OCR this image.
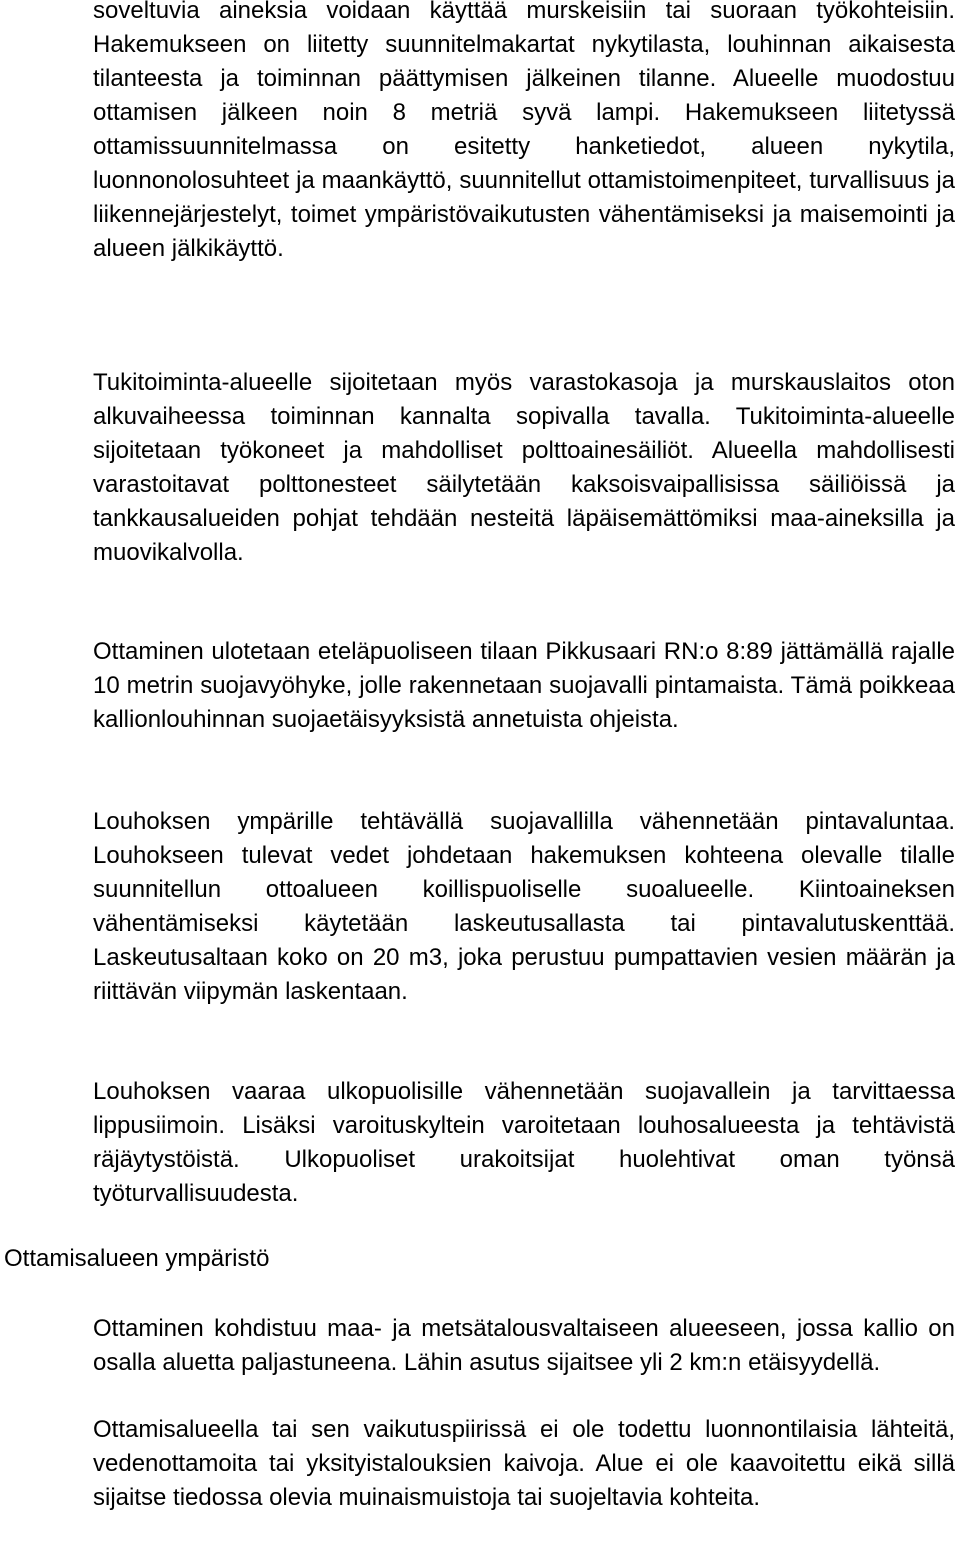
soveltuvia aineksia voidaan käyttää murskeisiin tai suoraan työkohteisiin. Hakemukseen on liitetty suunnitelmakartat nykytilasta, louhinnan aikaisesta tilanteesta ja toiminnan päättymisen jälkeinen tilanne. Alueelle muodostuu ottamisen jälkeen noin 8 metriä syvä lampi. Hakemukseen liitetyssä ottamissuunnitelmassa on esitetty hanketiedot, alueen nykytila, luonnonolosuhteet ja maankäyttö, suunnitellut ottamistoimenpiteet, turvallisuus ja liikennejärjestelyt, toimet ympäristövaikutusten vähentämiseksi ja maisemointi ja alueen jälkikäyttö.

Tukitoiminta-alueelle sijoitetaan myös varastokasoja ja murskauslaitos oton alkuvaiheessa toiminnan kannalta sopivalla tavalla. Tukitoiminta-alueelle sijoitetaan työkoneet ja mahdolliset polttoainesäiliöt. Alueella mahdollisesti varastoitavat polttonesteet säilytetään kaksoisvaipallisissa säiliöissä ja tankkausalueiden pohjat tehdään nesteitä läpäisemättömiksi maa-aineksilla ja muovikalvolla.

Ottaminen ulotetaan eteläpuoliseen tilaan Pikkusaari RN:o 8:89 jättämällä rajalle 10 metrin suojavyöhyke, jolle rakennetaan suojavalli pintamaista. Tämä poikkeaa kallionlouhinnan suojaetäisyyksistä annetuista ohjeista.

Louhoksen ympärille tehtävällä suojavallilla vähennetään pintavaluntaa. Louhokseen tulevat vedet johdetaan hakemuksen kohteena olevalle tilalle suunnitellun ottoalueen koillispuoliselle suoalueelle. Kiintoaineksen vähentämiseksi käytetään laskeutusallasta tai pintavalutuskenttää. Laskeutusaltaan koko on 20 m3, joka perustuu pumpattavien vesien määrän ja riittävän viipymän laskentaan.

Louhoksen vaaraa ulkopuolisille vähennetään suojavallein ja tarvittaessa lippusiimoin. Lisäksi varoituskyltein varoitetaan louhosalueesta ja tehtävistä räjäytystöistä. Ulkopuoliset urakoitsijat huolehtivat oman työnsä työturvallisuudesta.

Ottamisalueen ympäristö

Ottaminen kohdistuu maa- ja metsätalousvaltaiseen alueeseen, jossa kallio on osalla aluetta paljastuneena. Lähin asutus sijaitsee yli 2 km:n etäisyydellä.

Ottamisalueella tai sen vaikutuspiirissä ei ole todettu luonnontilaisia lähteitä, vedenottamoita tai yksityistalouksien kaivoja. Alue ei ole kaavoitettu eikä sillä sijaitse tiedossa olevia muinaismuistoja tai suojeltavia kohteita.
